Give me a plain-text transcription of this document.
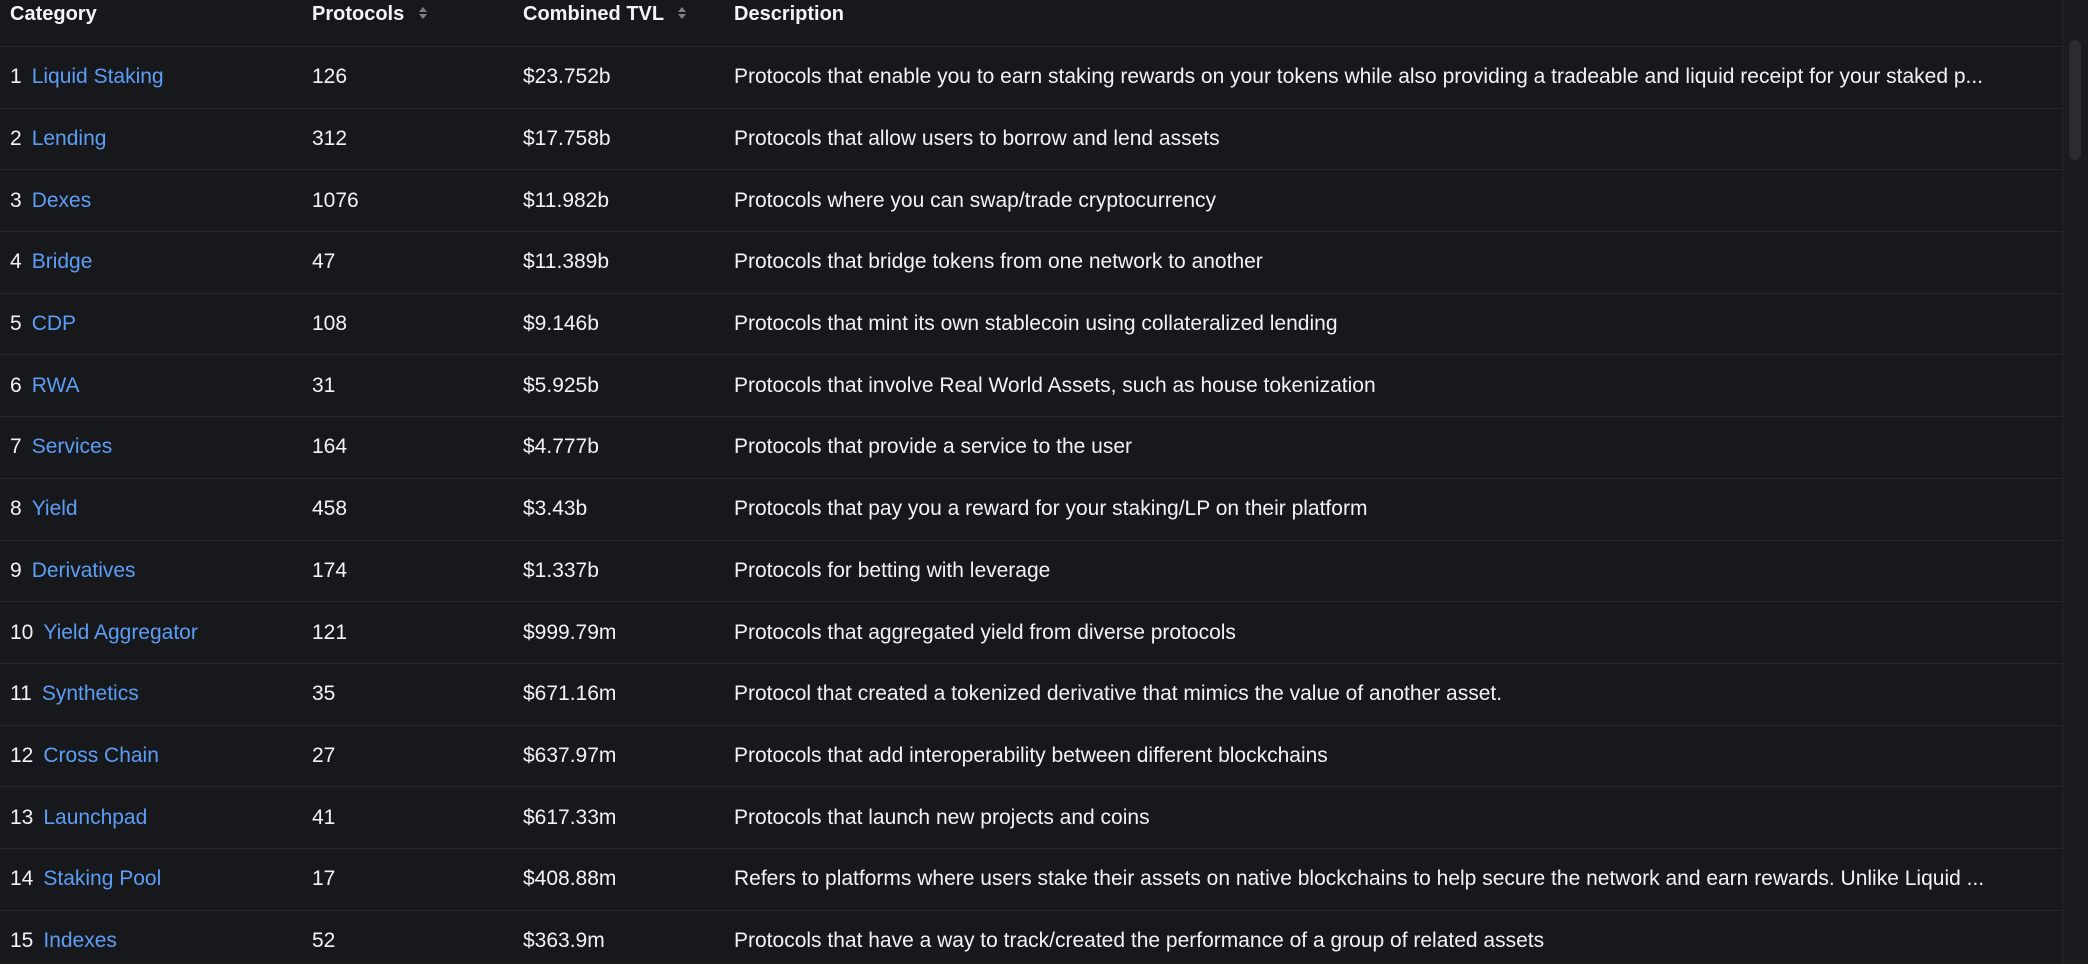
Category	Protocols	Combined TVL	Description
1 Liquid Staking	126	$23.752b	Protocols that enable you to earn staking rewards on your tokens while also providing a tradeable and liquid receipt for your staked p...
2 Lending	312	$17.758b	Protocols that allow users to borrow and lend assets
3 Dexes	1076	$11.982b	Protocols where you can swap/trade cryptocurrency
4 Bridge	47	$11.389b	Protocols that bridge tokens from one network to another
5 CDP	108	$9.146b	Protocols that mint its own stablecoin using collateralized lending
6 RWA	31	$5.925b	Protocols that involve Real World Assets, such as house tokenization
7 Services	164	$4.777b	Protocols that provide a service to the user
8 Yield	458	$3.43b	Protocols that pay you a reward for your staking/LP on their platform
9 Derivatives	174	$1.337b	Protocols for betting with leverage
10 Yield Aggregator	121	$999.79m	Protocols that aggregated yield from diverse protocols
11 Synthetics	35	$671.16m	Protocol that created a tokenized derivative that mimics the value of another asset.
12 Cross Chain	27	$637.97m	Protocols that add interoperability between different blockchains
13 Launchpad	41	$617.33m	Protocols that launch new projects and coins
14 Staking Pool	17	$408.88m	Refers to platforms where users stake their assets on native blockchains to help secure the network and earn rewards. Unlike Liquid ...
15 Indexes	52	$363.9m	Protocols that have a way to track/created the performance of a group of related assets
